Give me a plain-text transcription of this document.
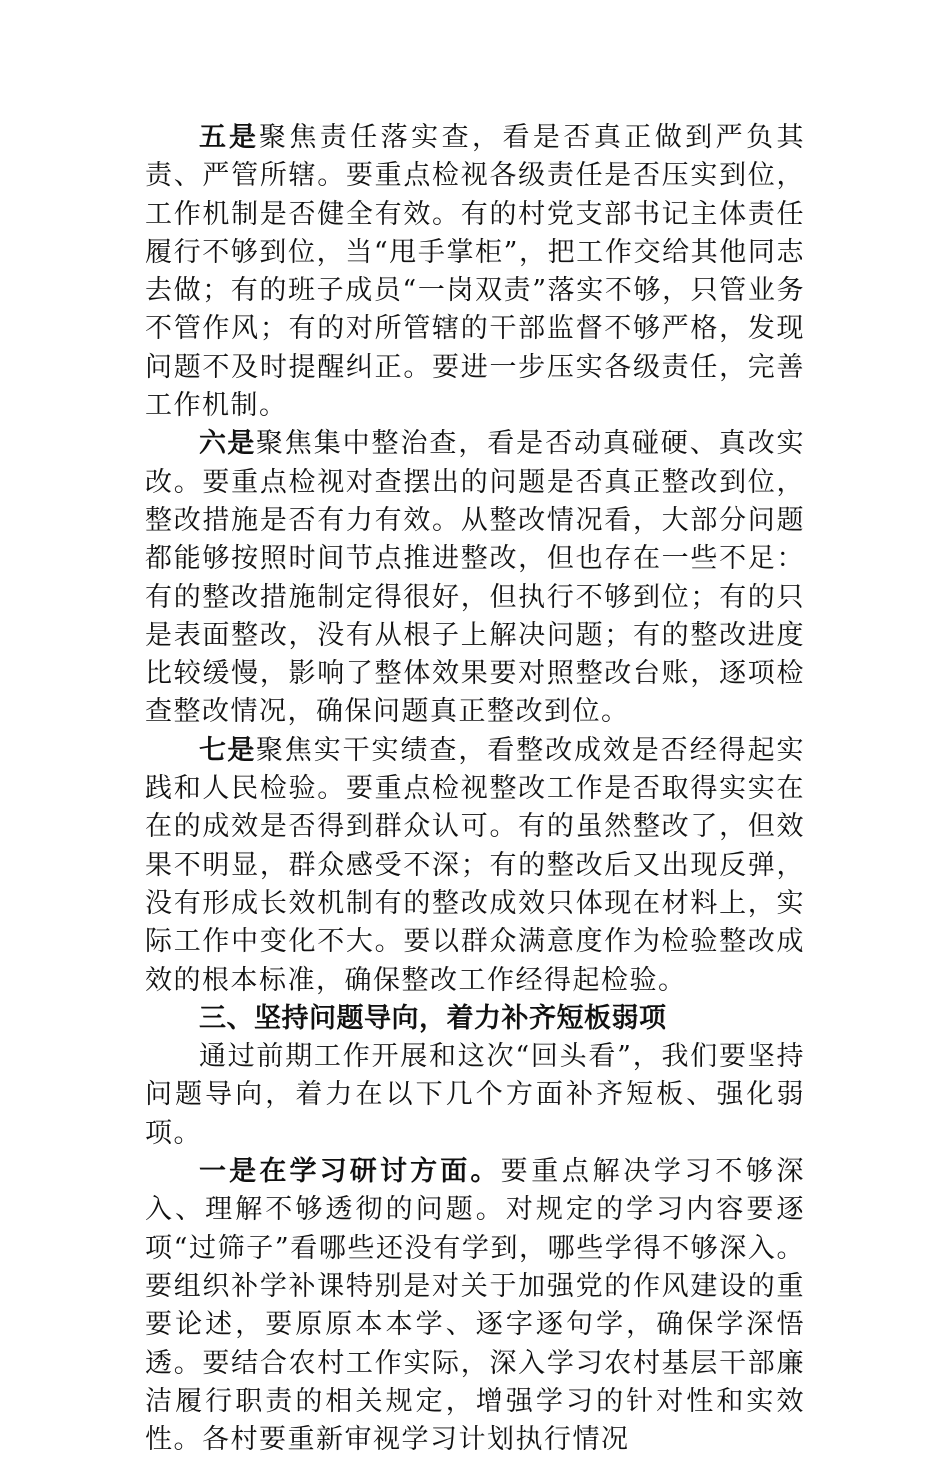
五是聚焦责任落实查，看是否真正做到严负其责、严管所辖。要重点检视各级责任是否压实到位，工作机制是否健全有效。有的村党支部书记主体责任履行不够到位，当“甩手掌柜”，把工作交给其他同志去做；有的班子成员“一岗双责”落实不够，只管业务不管作风；有的对所管辖的干部监督不够严格，发现问题不及时提醒纠正。要进一步压实各级责任，完善工作机制。

六是聚焦集中整治查，看是否动真碰硬、真改实改。要重点检视对查摆出的问题是否真正整改到位，整改措施是否有力有效。从整改情况看，大部分问题都能够按照时间节点推进整改，但也存在一些不足：有的整改措施制定得很好，但执行不够到位；有的只是表面整改，没有从根子上解决问题；有的整改进度比较缓慢，影响了整体效果要对照整改台账，逐项检查整改情况，确保问题真正整改到位。

七是聚焦实干实绩查，看整改成效是否经得起实践和人民检验。要重点检视整改工作是否取得实实在在的成效是否得到群众认可。有的虽然整改了，但效果不明显，群众感受不深；有的整改后又出现反弹，没有形成长效机制有的整改成效只体现在材料上，实际工作中变化不大。要以群众满意度作为检验整改成效的根本标准，确保整改工作经得起检验。

三、坚持问题导向，着力补齐短板弱项

通过前期工作开展和这次“回头看”，我们要坚持问题导向，着力在以下几个方面补齐短板、强化弱项。

一是在学习研讨方面。要重点解决学习不够深入、理解不够透彻的问题。对规定的学习内容要逐项“过筛子”看哪些还没有学到，哪些学得不够深入。要组织补学补课特别是对关于加强党的作风建设的重要论述，要原原本本学、逐字逐句学，确保学深悟透。要结合农村工作实际，深入学习农村基层干部廉洁履行职责的相关规定，增强学习的针对性和实效性。各村要重新审视学习计划执行情况
